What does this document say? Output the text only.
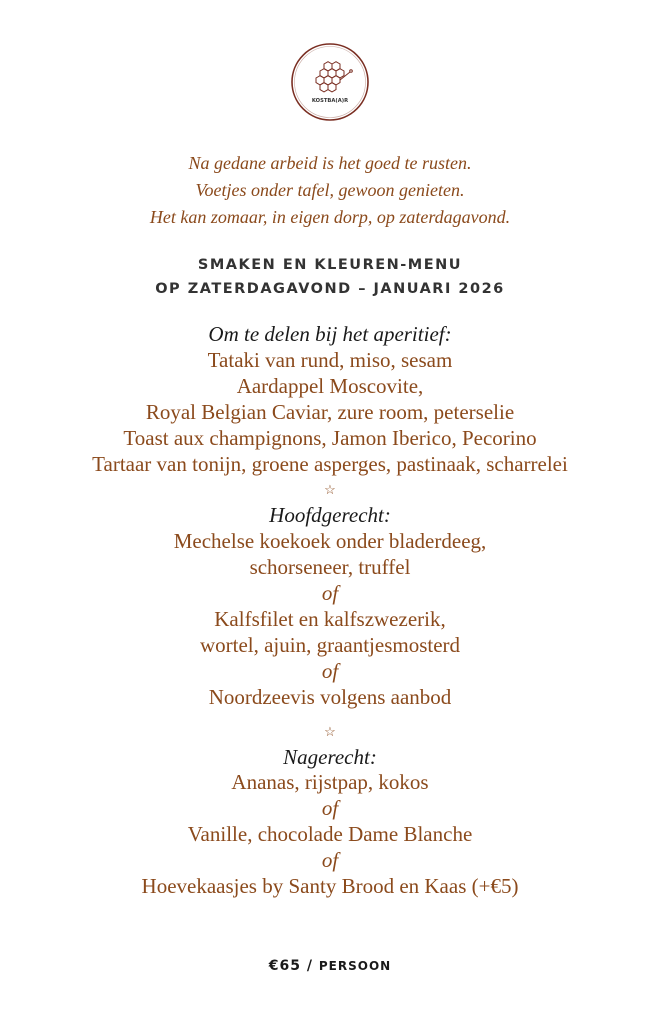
KOSTBA(A)R
Na gedane arbeid is het goed te rusten.
Voetjes onder tafel, gewoon genieten.
Het kan zomaar, in eigen dorp, op zaterdagavond.
SMAKEN EN KLEUREN-MENU
OP ZATERDAGAVOND – JANUARI 2026
Om te delen bij het aperitief:
Tataki van rund, miso, sesam
Aardappel Moscovite,
Royal Belgian Caviar, zure room, peterselie
Toast aux champignons, Jamon Iberico, Pecorino
Tartaar van tonijn, groene asperges, pastinaak, scharrelei
☆
Hoofdgerecht:
Mechelse koekoek onder bladerdeeg,
schorseneer, truffel
of
Kalfsfilet en kalfszwezerik,
wortel, ajuin, graantjesmosterd
of
Noordzeevis volgens aanbod
☆
Nagerecht:
Ananas, rijstpap, kokos
of
Vanille, chocolade Dame Blanche
of
Hoevekaasjes by Santy Brood en Kaas (+€5)
€65 / PERSOON
